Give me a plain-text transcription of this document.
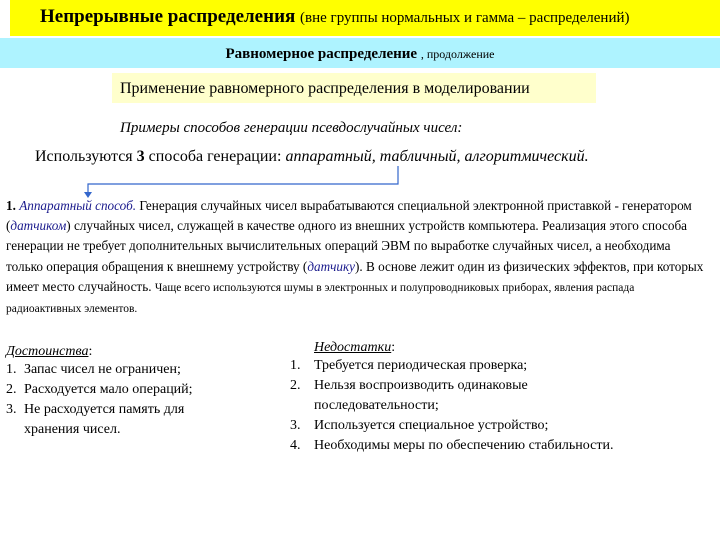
Непрерывные распределения (вне группы нормальных и гамма – распределений)
Равномерное распределение , продолжение
Применение равномерного распределения в моделировании
Примеры способов генерации псевдослучайных чисел:
Используются 3 способа генерации: аппаратный, табличный, алгоритмический.
1. Аппаратный способ. Генерация случайных чисел вырабатываются специальной электронной приставкой - генератором (датчиком) случайных чисел, служащей в качестве одного из внешних устройств компьютера. Реализация этого способа генерации не требует дополнительных вычислительных операций ЭВМ по выработке случайных чисел, а необходима только операция обращения к внешнему устройству (датчику). В основе лежит один из физических эффектов, при которых имеет место случайность. Чаще всего используются шумы в электронных и полупроводниковых приборах, явления распада радиоактивных элементов.
Достоинства:
1. Запас чисел не ограничен;
2. Расходуется мало операций;
3. Не расходуется память для хранения чисел.
Недостатки:
1. Требуется периодическая проверка;
2. Нельзя воспроизводить одинаковые последовательности;
3. Используется специальное устройство;
4. Необходимы меры по обеспечению стабильности.
